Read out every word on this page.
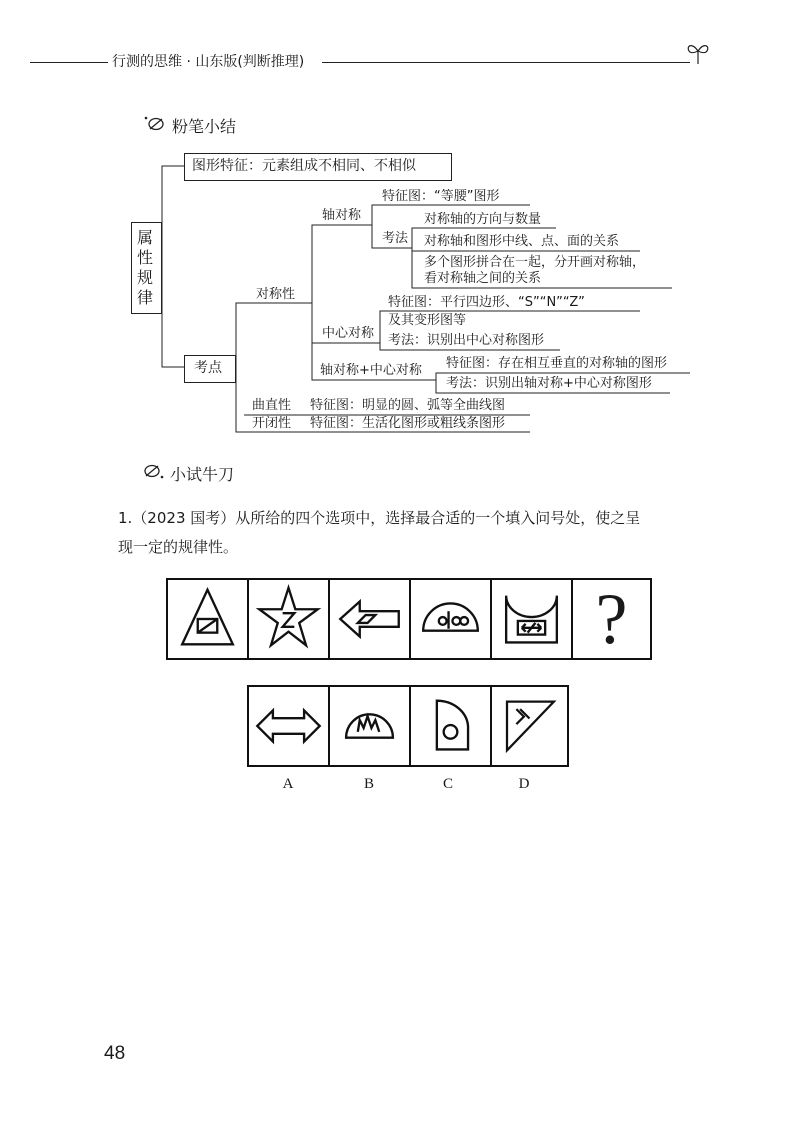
行测的思维 · 山东版(判断推理)
粉笔小结
属性规律
图形特征：元素组成不相同、不相似
考点
对称性
轴对称
特征图：“等腰”图形
考法
对称轴的方向与数量
对称轴和图形中线、点、面的关系
多个图形拼合在一起，分开画对称轴，
看对称轴之间的关系
中心对称
特征图：平行四边形、“S”“N”“Z”
及其变形图等
考法：识别出中心对称图形
轴对称+中心对称 特征图：存在相互垂直的对称轴的图形
考法：识别出轴对称+中心对称图形
曲直性 特征图：明显的圆、弧等全曲线图
开闭性 特征图：生活化图形或粗线条图形
小试牛刀
1.（2023 国考）从所给的四个选项中，选择最合适的一个填入问号处，使之呈
现一定的规律性。
?
A	B	C	D
48
